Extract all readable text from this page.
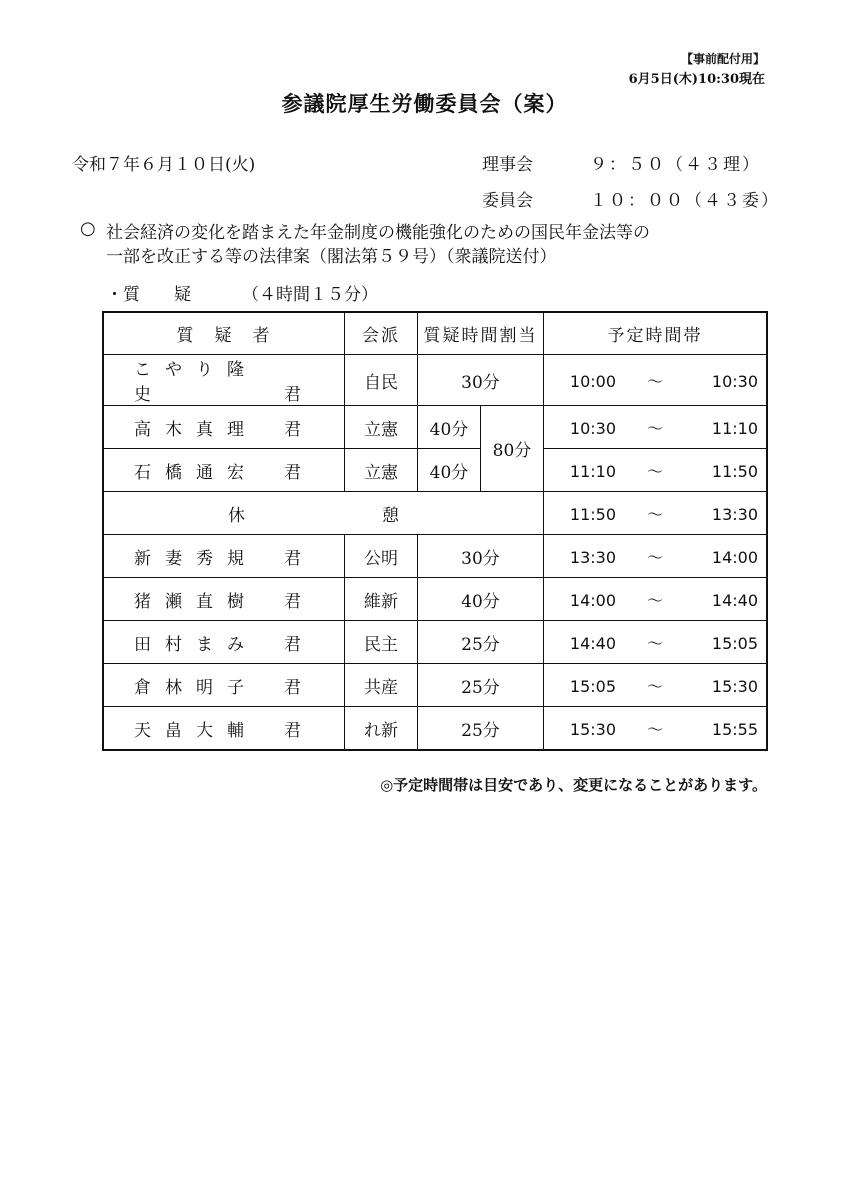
【事前配付用】
6月5日(木)10:30現在
参議院厚生労働委員会（案）
令和７年６月１０日(火)	理事会	９：５０（４３理）
委員会	１０：００（４３委）
○ 社会経済の変化を踏まえた年金制度の機能強化のための国民年金法等の
一部を改正する等の法律案（閣法第５９号）（衆議院送付）
・質　　疑	（４時間１５分）
質　疑　者	会派	質疑時間割当		予定時間帯
こやり隆史 君	自民	30分		10:00 ～ 10:30
高木真理 君	立憲	40分	80分	10:30 ～ 11:10
石橋通宏 君	立憲	40分		11:10 ～ 11:50
休　憩				11:50 ～ 13:30
新妻秀規 君	公明	30分		13:30 ～ 14:00
猪瀬直樹 君	維新	40分		14:00 ～ 14:40
田村まみ 君	民主	25分		14:40 ～ 15:05
倉林明子 君	共産	25分		15:05 ～ 15:30
天畠大輔 君	れ新	25分		15:30 ～ 15:55
◎予定時間帯は目安であり、変更になることがあります。
